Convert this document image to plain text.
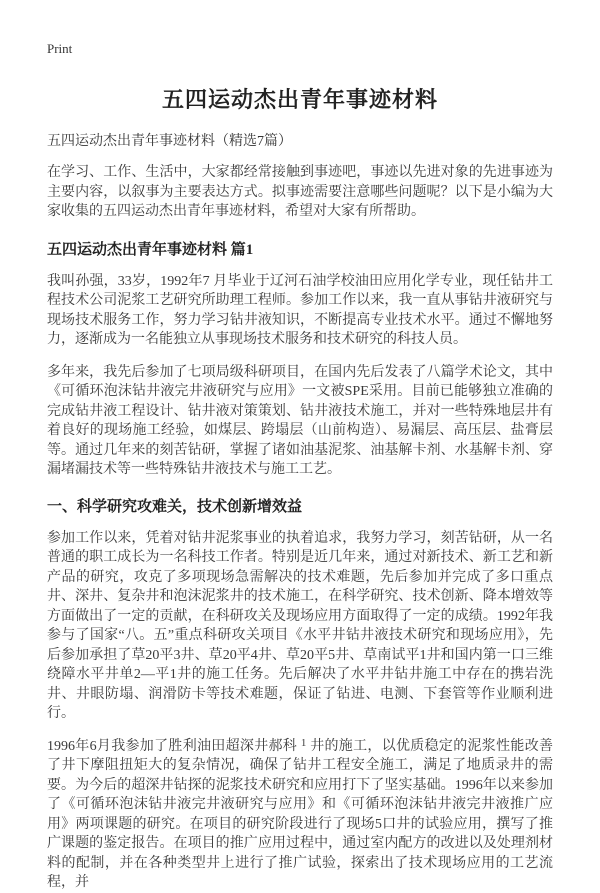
Print
五四运动杰出青年事迹材料
五四运动杰出青年事迹材料（精选7篇）

在学习、工作、生活中，大家都经常接触到事迹吧，事迹以先进对象的先进事迹为主要内容，以叙事为主要表达方式。拟事迹需要注意哪些问题呢？以下是小编为大家收集的五四运动杰出青年事迹材料，希望对大家有所帮助。

五四运动杰出青年事迹材料 篇1

我叫孙强，33岁，1992年7 月毕业于辽河石油学校油田应用化学专业，现任钻井工程技术公司泥浆工艺研究所助理工程师。参加工作以来，我一直从事钻井液研究与现场技术服务工作，努力学习钻井液知识，不断提高专业技术水平。通过不懈地努力，逐渐成为一名能独立从事现场技术服务和技术研究的科技人员。

多年来，我先后参加了七项局级科研项目，在国内先后发表了八篇学术论文，其中《可循环泡沫钻井液完井液研究与应用》一文被SPE采用。目前已能够独立准确的完成钻井液工程设计、钻井液对策策划、钻井液技术施工，并对一些特殊地层井有着良好的现场施工经验，如煤层、跨塌层（山前构造）、易漏层、高压层、盐膏层等。通过几年来的刻苦钻研，掌握了诸如油基泥浆、油基解卡剂、水基解卡剂、穿漏堵漏技术等一些特殊钻井液技术与施工工艺。

一、科学研究攻难关，技术创新增效益

参加工作以来，凭着对钻井泥浆事业的执着追求，我努力学习，刻苦钻研，从一名普通的职工成长为一名科技工作者。特别是近几年来，通过对新技术、新工艺和新产品的研究，攻克了多项现场急需解决的技术难题，先后参加并完成了多口重点井、深井、复杂井和泡沫泥浆井的技术施工，在科学研究、技术创新、降本增效等方面做出了一定的贡献，在科研攻关及现场应用方面取得了一定的成绩。1992年我参与了国家“八。五”重点科研攻关项目《水平井钻井液技术研究和现场应用》，先后参加承担了草20平3井、草20平4井、草20平5井、草南试平1井和国内第一口三维绕障水平井单2—平1井的施工任务。先后解决了水平井钻井施工中存在的携岩洗井、井眼防塌、润滑防卡等技术难题，保证了钻进、电测、下套管等作业顺利进行。

1996年6月我参加了胜利油田超深井郝科 $^1$ 井的施工，以优质稳定的泥浆性能改善了井下摩阻扭矩大的复杂情况，确保了钻井工程安全施工，满足了地质录井的需要。为今后的超深井钻探的泥浆技术研究和应用打下了坚实基础。1996年以来参加了《可循环泡沫钻井液完井液研究与应用》和《可循环泡沫钻井液完井液推广应用》两项课题的研究。在项目的研究阶段进行了现场5口井的试验应用，撰写了推广课题的鉴定报告。在项目的推广应用过程中，通过室内配方的改进以及处理剂材料的配制，并在各种类型井上进行了推广试验，探索出了技术现场应用的工艺流程，并
